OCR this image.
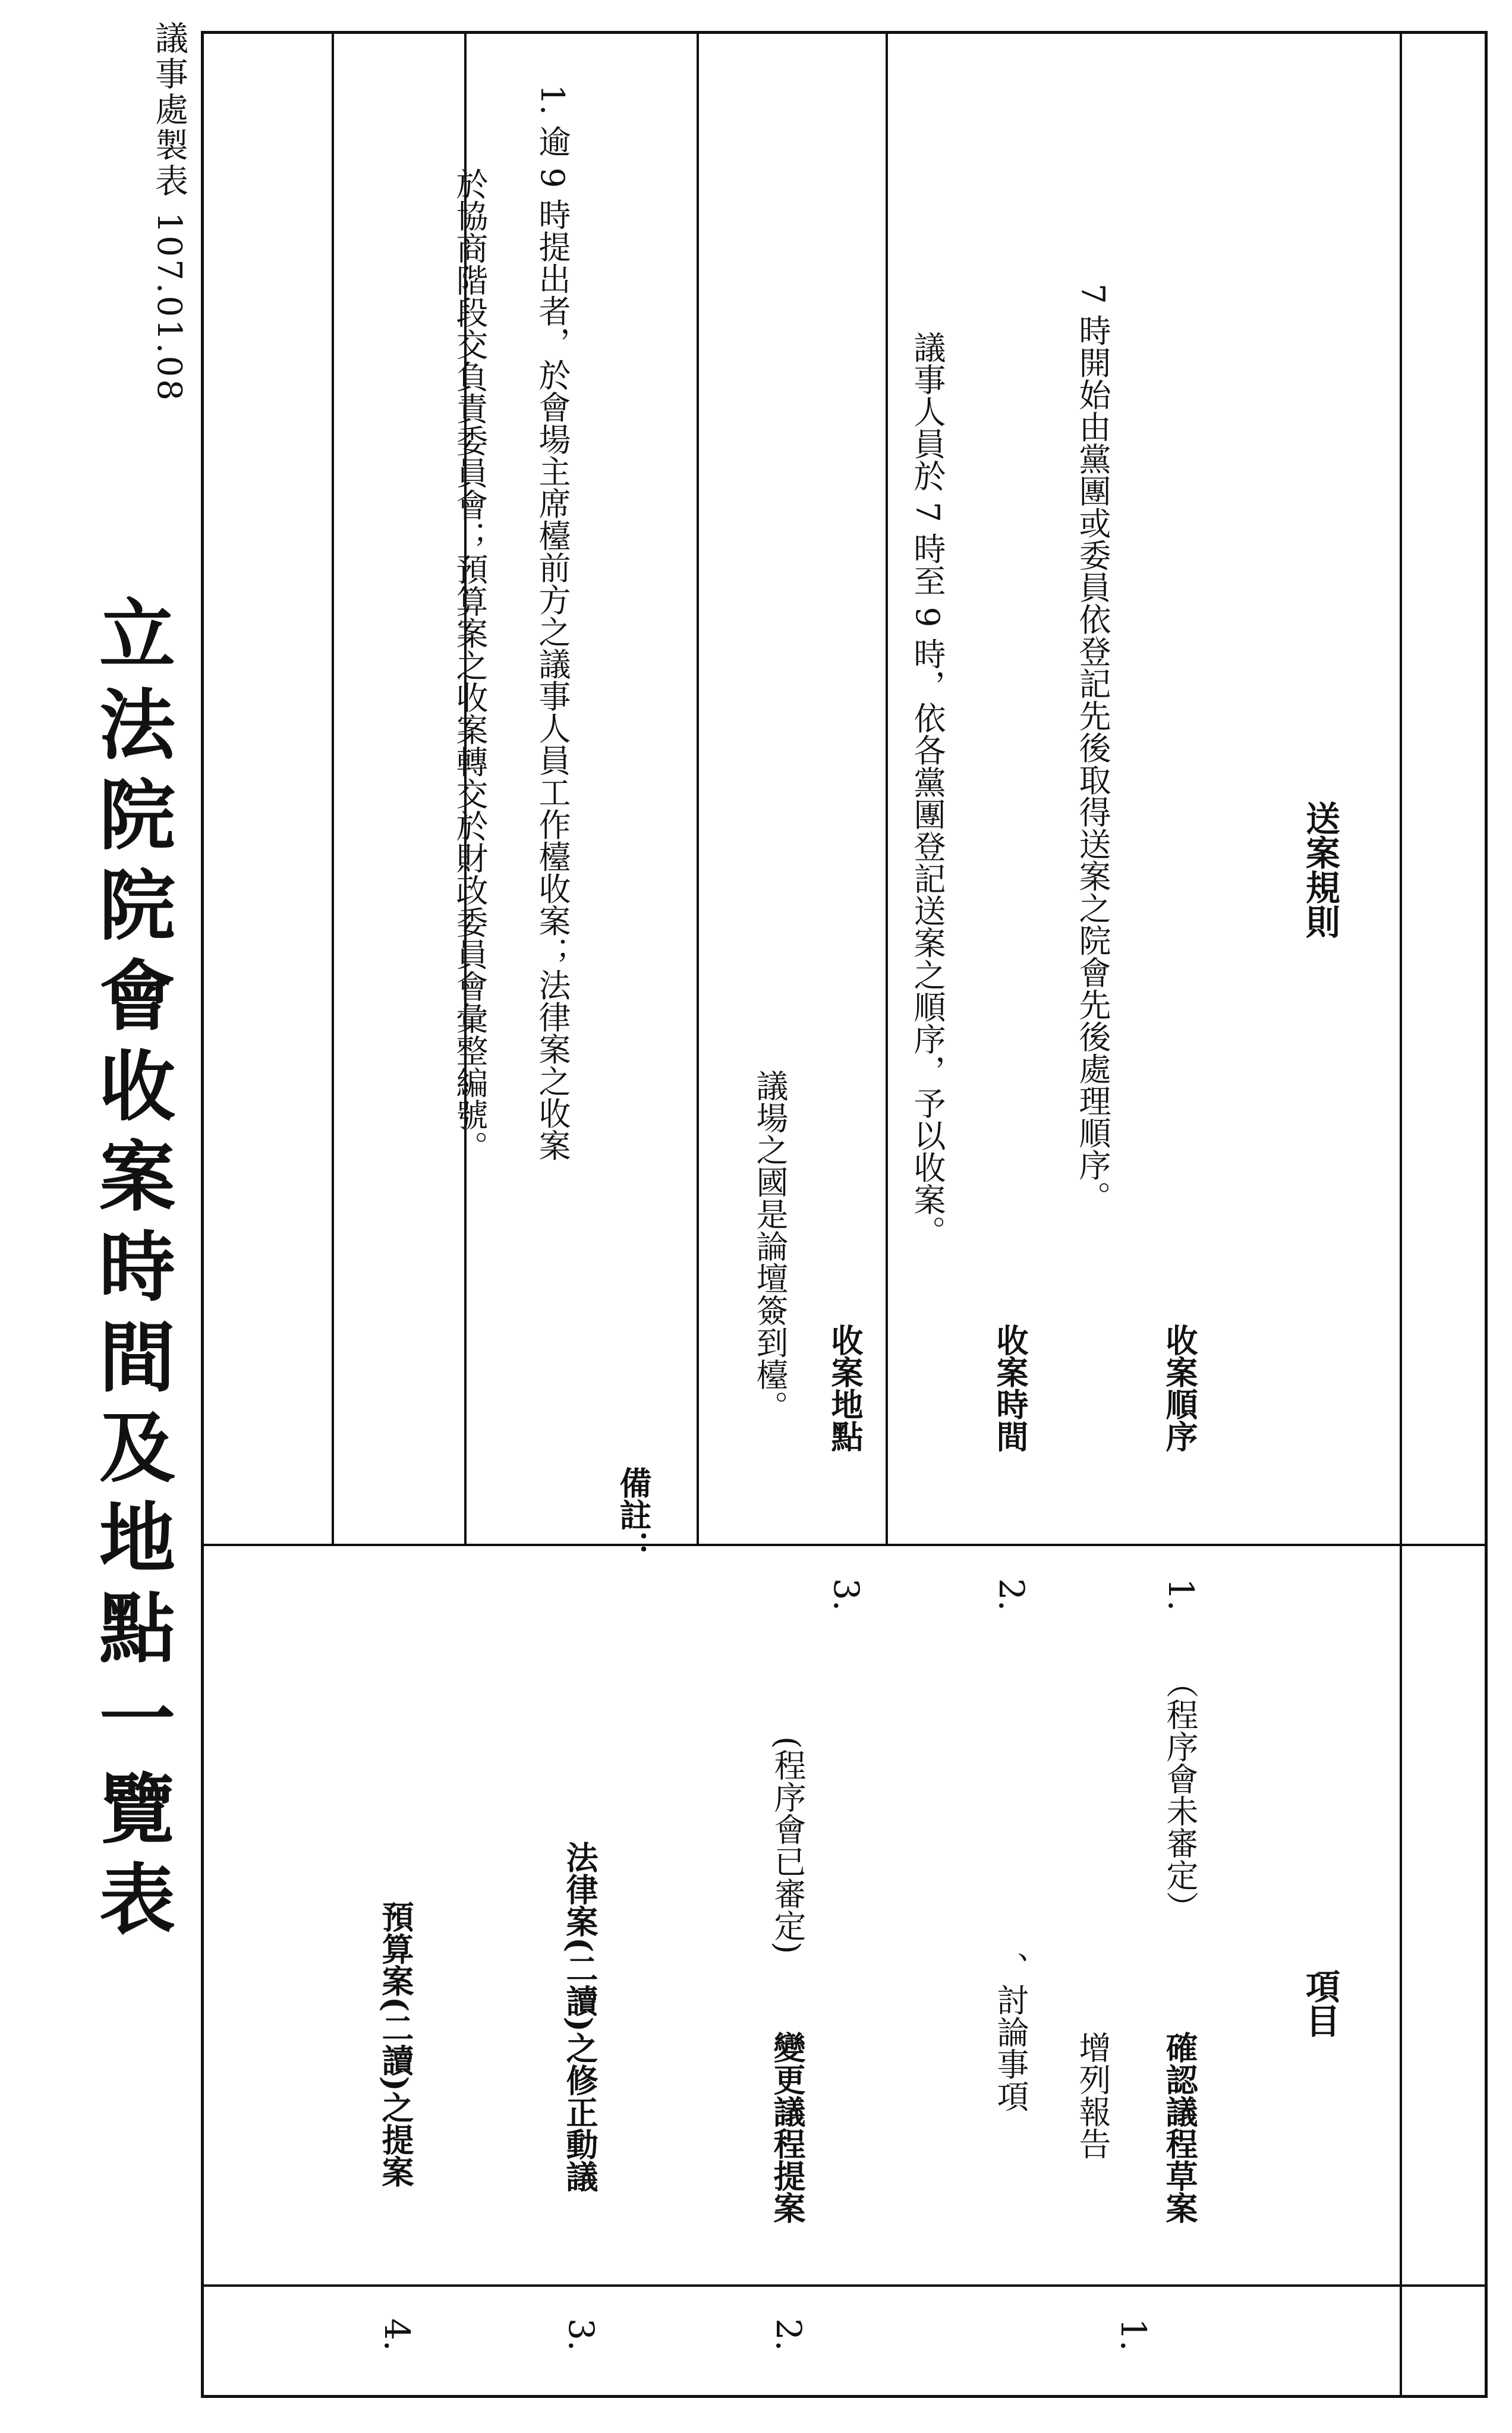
立法院院會收案時間及地點一覽表
議事處製表 107.01.08
送案規則
項目
1.
2.
3.
4.
確認議程草案
（程序會未審定）
增列報告
、討論事項
變更議程提案
(程序會已審定)
法律案(二讀)之修正動議
預算案(二讀)之提案
1.
收案順序
7 時開始由黨團或委員依登記先後取得送案之院會先後處理順序。
2.
收案時間
議事人員於 7 時至 9 時，依各黨團登記送案之順序，予以收案。
3.
收案地點
議場之國是論壇簽到檯。
備註：
1. 逾 9 時提出者，於會場主席檯前方之議事人員工作檯收案；法律案之收案
於協商階段交負責委員會；預算案之收案轉交於財政委員會彙整編號。
